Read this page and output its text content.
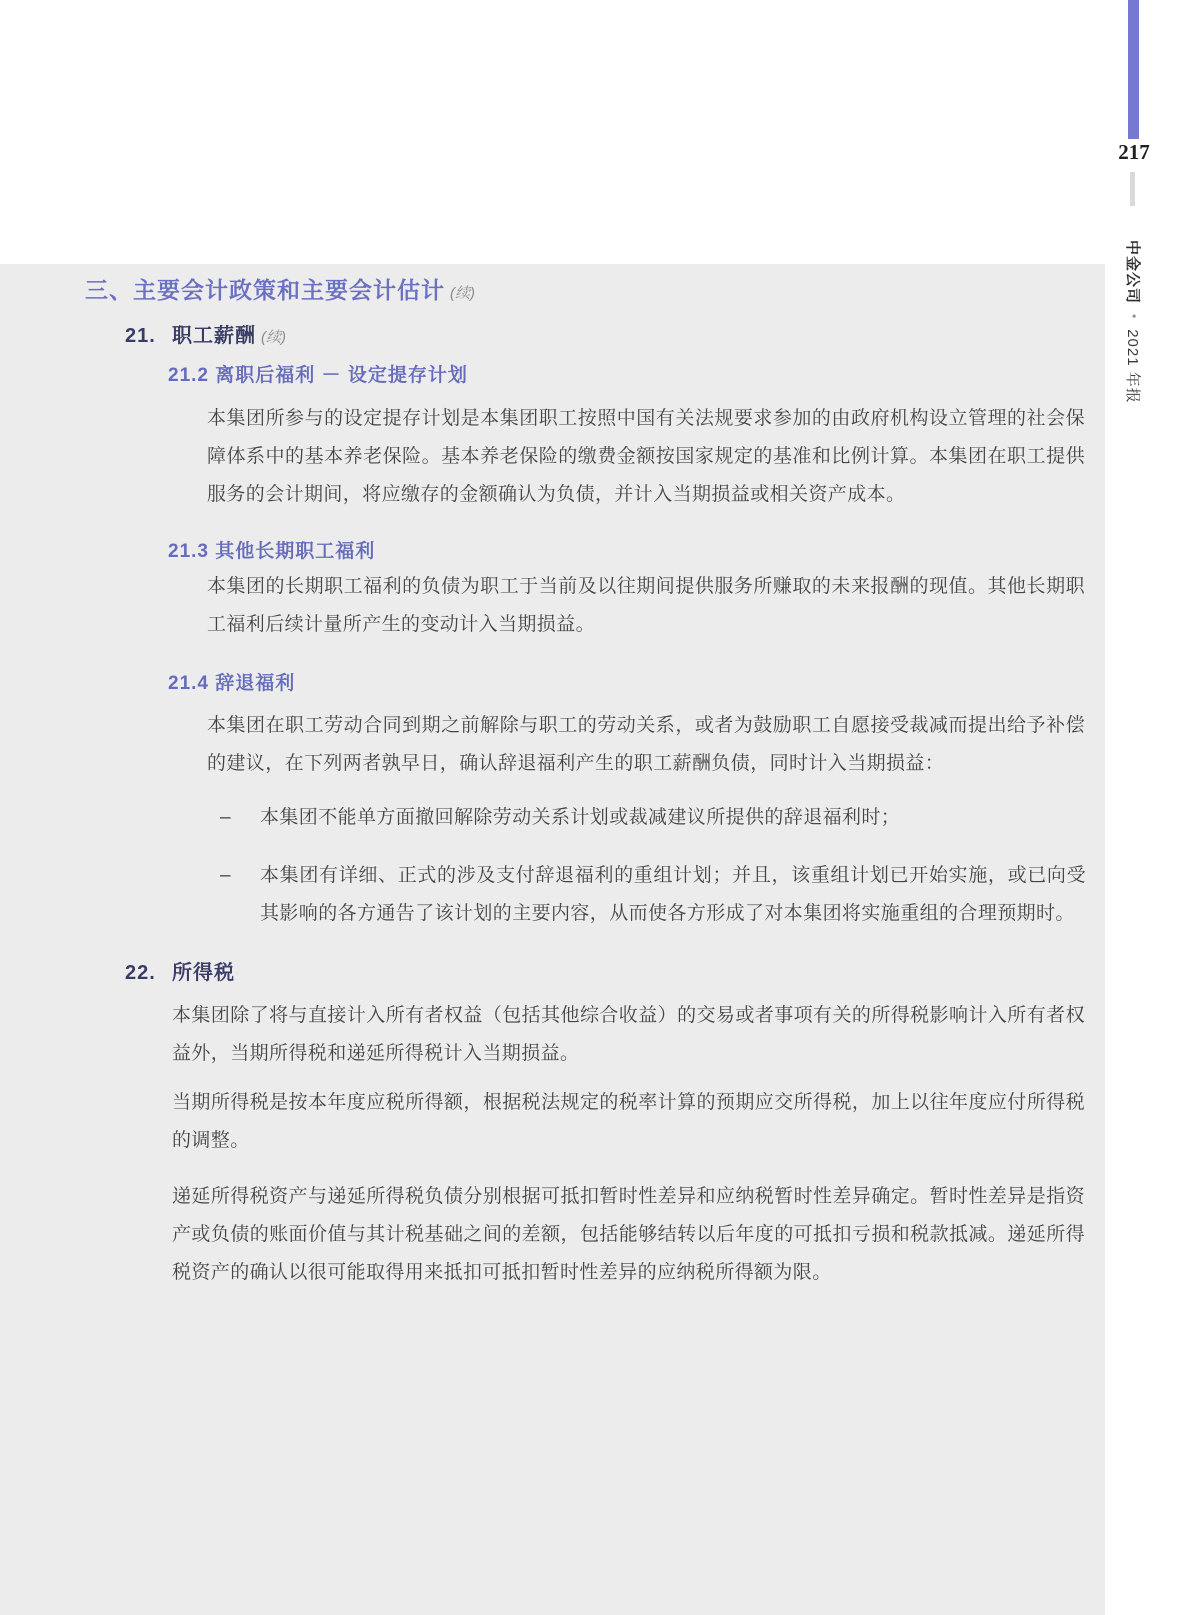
217
中金公司•2021 年报
三、主要会计政策和主要会计估计 (续)
21. 职工薪酬 (续)
21.2 离职后福利 － 设定提存计划
本集团所参与的设定提存计划是本集团职工按照中国有关法规要求参加的由政府机构设立管理的社会保障体系中的基本养老保险。基本养老保险的缴费金额按国家规定的基准和比例计算。本集团在职工提供服务的会计期间，将应缴存的金额确认为负债，并计入当期损益或相关资产成本。
21.3 其他长期职工福利
本集团的长期职工福利的负债为职工于当前及以往期间提供服务所赚取的未来报酬的现值。其他长期职工福利后续计量所产生的变动计入当期损益。
21.4 辞退福利
本集团在职工劳动合同到期之前解除与职工的劳动关系，或者为鼓励职工自愿接受裁减而提出给予补偿的建议，在下列两者孰早日，确认辞退福利产生的职工薪酬负债，同时计入当期损益：
–	本集团不能单方面撤回解除劳动关系计划或裁减建议所提供的辞退福利时；
–	本集团有详细、正式的涉及支付辞退福利的重组计划；并且，该重组计划已开始实施，或已向受其影响的各方通告了该计划的主要内容，从而使各方形成了对本集团将实施重组的合理预期时。
22. 所得税
本集团除了将与直接计入所有者权益（包括其他综合收益）的交易或者事项有关的所得税影响计入所有者权益外，当期所得税和递延所得税计入当期损益。
当期所得税是按本年度应税所得额，根据税法规定的税率计算的预期应交所得税，加上以往年度应付所得税的调整。
递延所得税资产与递延所得税负债分别根据可抵扣暂时性差异和应纳税暂时性差异确定。暂时性差异是指资产或负债的账面价值与其计税基础之间的差额，包括能够结转以后年度的可抵扣亏损和税款抵减。递延所得税资产的确认以很可能取得用来抵扣可抵扣暂时性差异的应纳税所得额为限。
